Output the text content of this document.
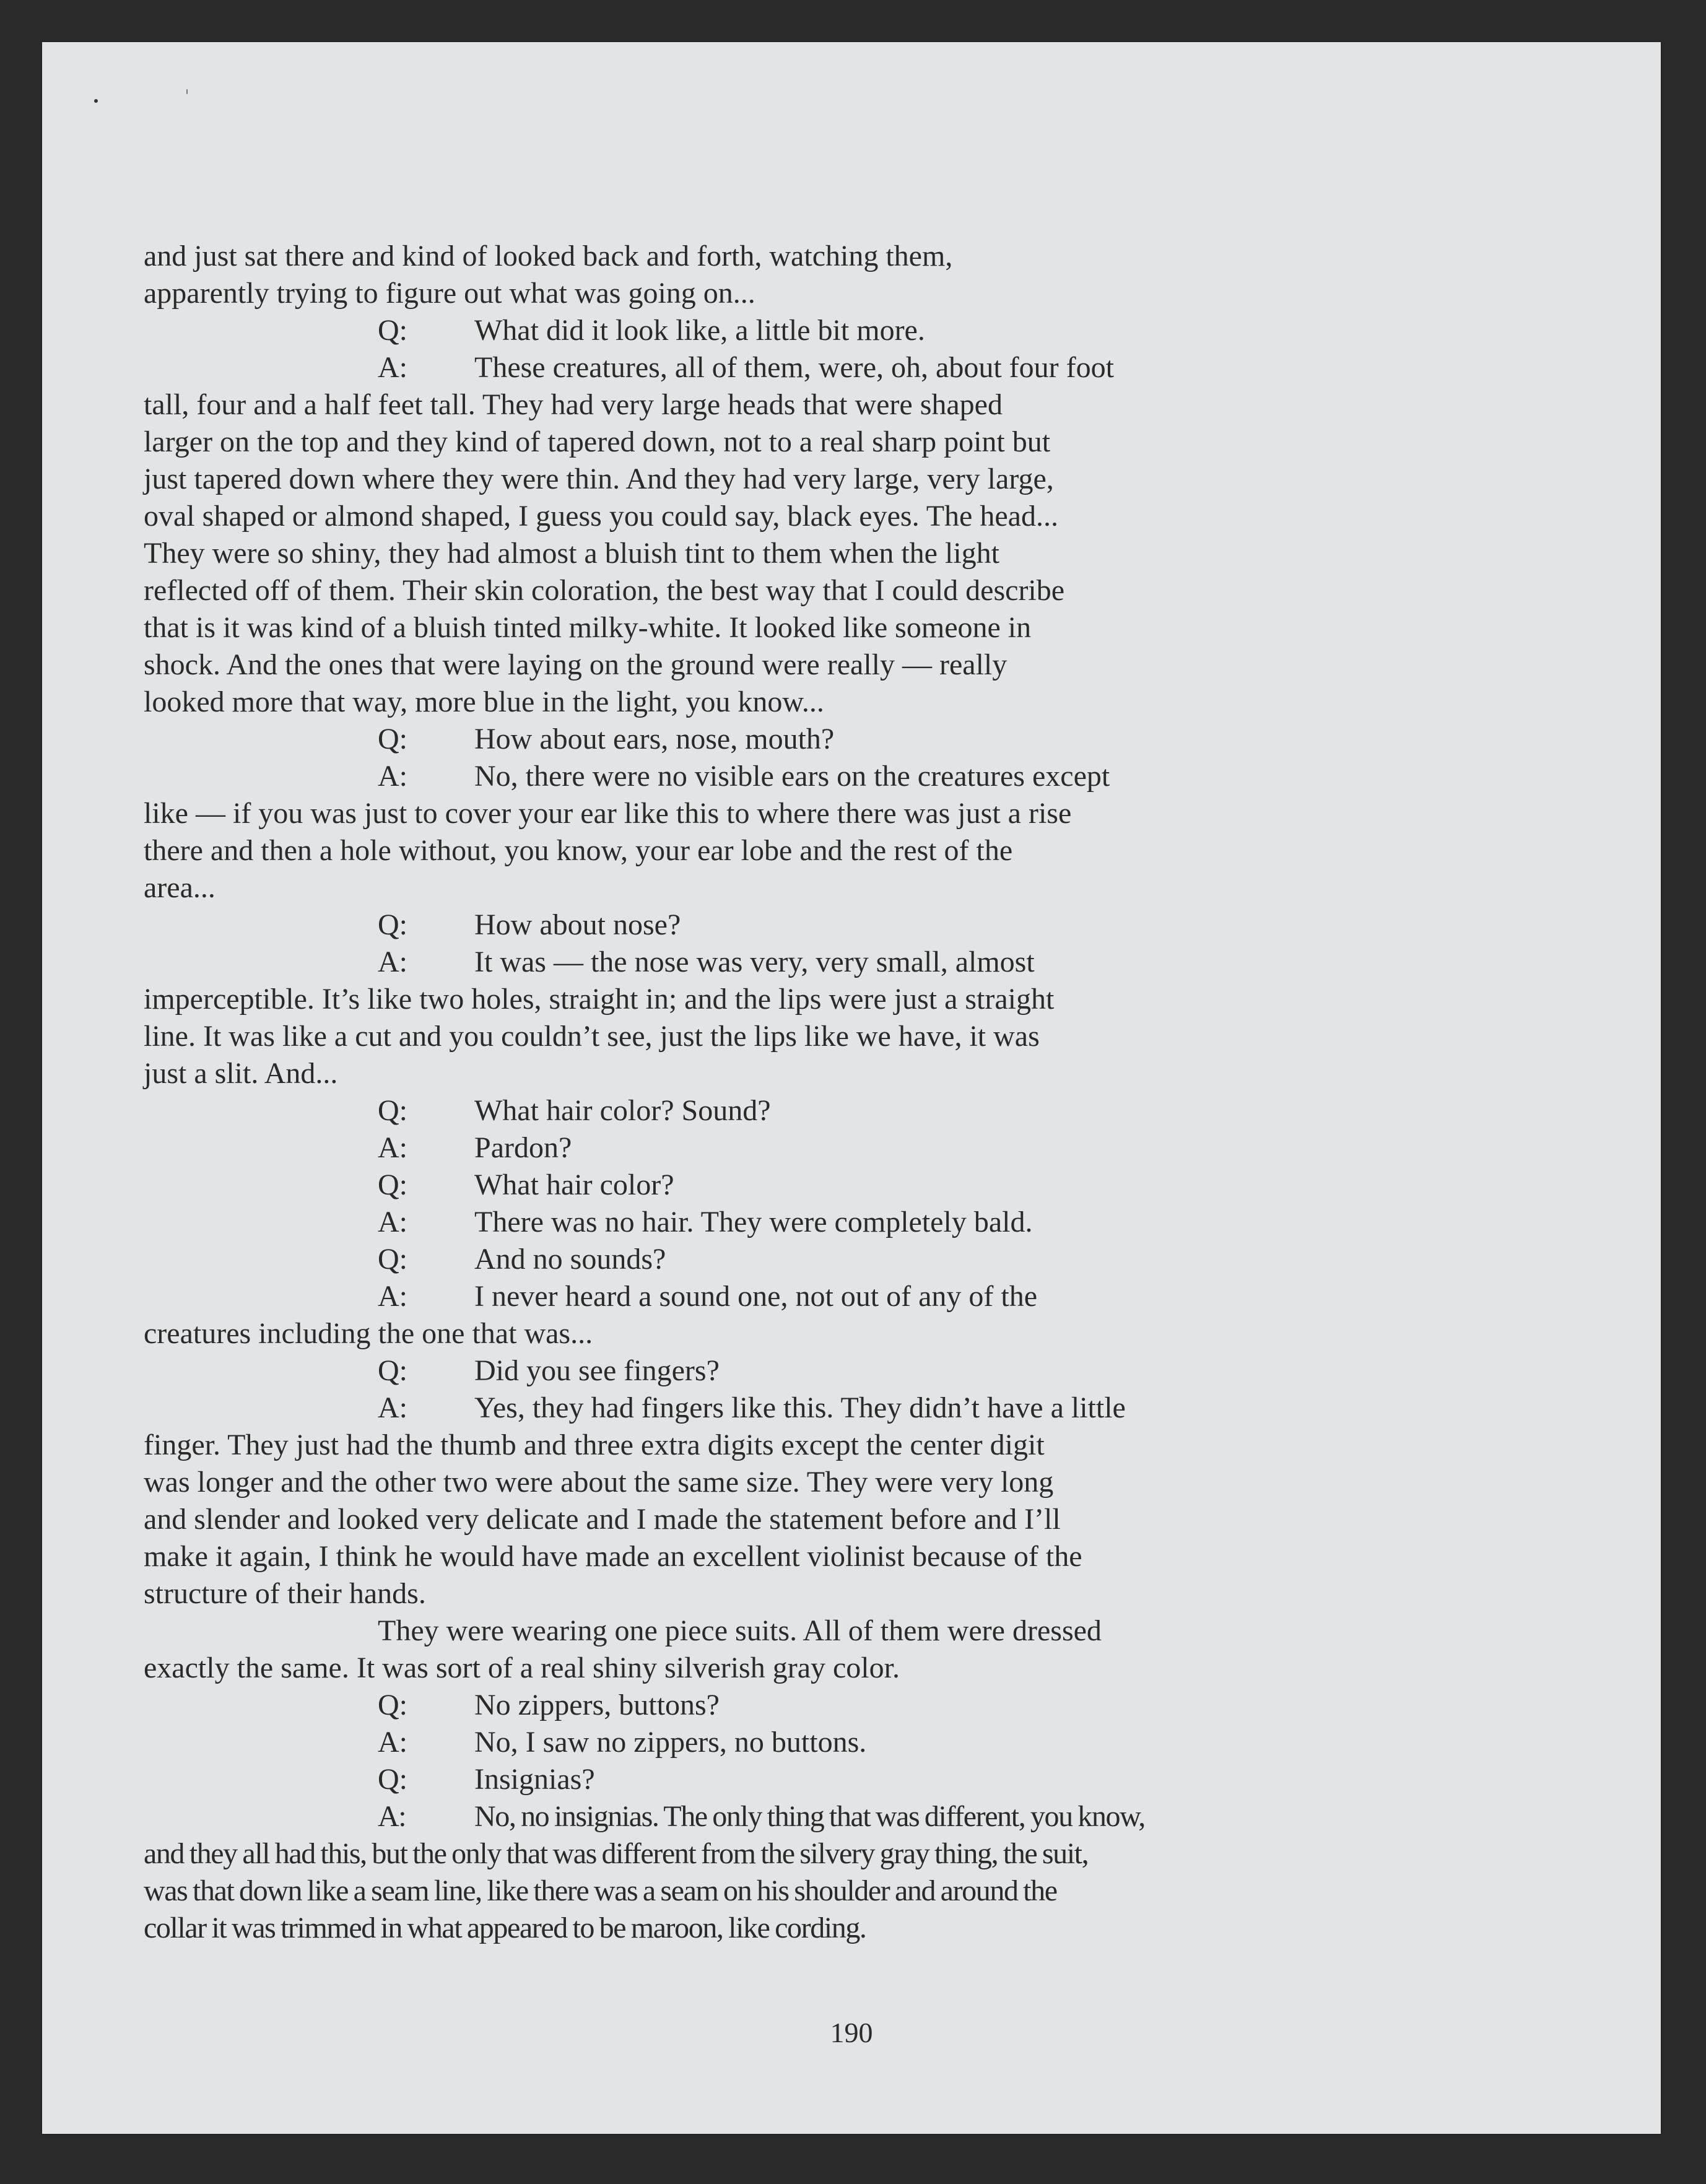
and just sat there and kind of looked back and forth, watching them,
apparently trying to figure out what was going on...
Q: What did it look like, a little bit more.
A: These creatures, all of them, were, oh, about four foot
tall, four and a half feet tall. They had very large heads that were shaped
larger on the top and they kind of tapered down, not to a real sharp point but
just tapered down where they were thin. And they had very large, very large,
oval shaped or almond shaped, I guess you could say, black eyes. The head...
They were so shiny, they had almost a bluish tint to them when the light
reflected off of them. Their skin coloration, the best way that I could describe
that is it was kind of a bluish tinted milky-white. It looked like someone in
shock. And the ones that were laying on the ground were really — really
looked more that way, more blue in the light, you know...
Q: How about ears, nose, mouth?
A: No, there were no visible ears on the creatures except
like — if you was just to cover your ear like this to where there was just a rise
there and then a hole without, you know, your ear lobe and the rest of the
area...
Q: How about nose?
A: It was — the nose was very, very small, almost
imperceptible. It’s like two holes, straight in; and the lips were just a straight
line. It was like a cut and you couldn’t see, just the lips like we have, it was
just a slit. And...
Q: What hair color? Sound?
A: Pardon?
Q: What hair color?
A: There was no hair. They were completely bald.
Q: And no sounds?
A: I never heard a sound one, not out of any of the
creatures including the one that was...
Q: Did you see fingers?
A: Yes, they had fingers like this. They didn’t have a little
finger. They just had the thumb and three extra digits except the center digit
was longer and the other two were about the same size. They were very long
and slender and looked very delicate and I made the statement before and I’ll
make it again, I think he would have made an excellent violinist because of the
structure of their hands.
They were wearing one piece suits. All of them were dressed
exactly the same. It was sort of a real shiny silverish gray color.
Q: No zippers, buttons?
A: No, I saw no zippers, no buttons.
Q: Insignias?
A: No, no insignias. The only thing that was different, you know,
and they all had this, but the only that was different from the silvery gray thing, the suit,
was that down like a seam line, like there was a seam on his shoulder and around the
collar it was trimmed in what appeared to be maroon, like cording.
190
